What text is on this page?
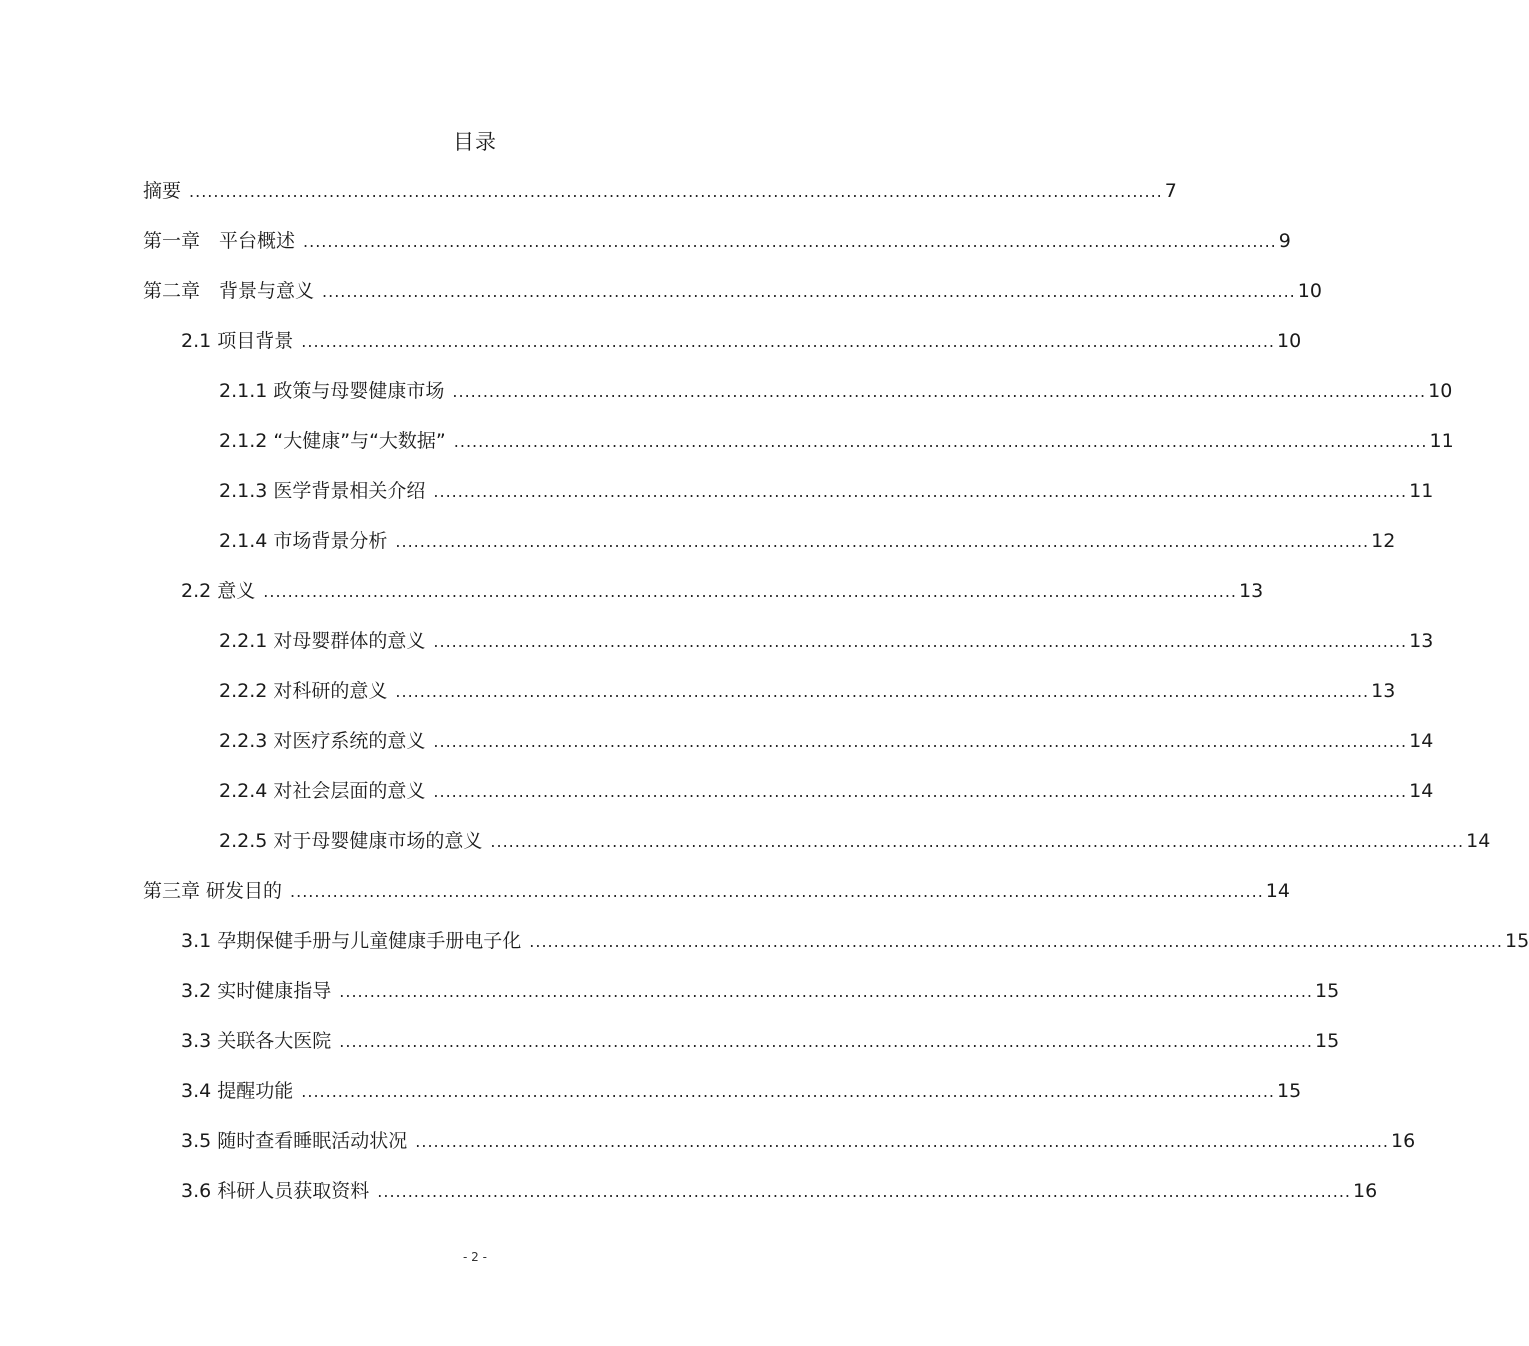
目录
摘要 ................................................................................................................................................................ 7
第一章　平台概述 ................................................................................................................................................................ 9
第二章　背景与意义 ................................................................................................................................................................ 10
2.1 项目背景 ................................................................................................................................................................ 10
2.1.1 政策与母婴健康市场 ................................................................................................................................................................ 10
2.1.2 “大健康”与“大数据” ................................................................................................................................................................ 11
2.1.3 医学背景相关介绍 ................................................................................................................................................................ 11
2.1.4 市场背景分析 ................................................................................................................................................................ 12
2.2 意义 ................................................................................................................................................................ 13
2.2.1 对母婴群体的意义 ................................................................................................................................................................ 13
2.2.2 对科研的意义 ................................................................................................................................................................ 13
2.2.3 对医疗系统的意义 ................................................................................................................................................................ 14
2.2.4 对社会层面的意义 ................................................................................................................................................................ 14
2.2.5 对于母婴健康市场的意义 ................................................................................................................................................................ 14
第三章 研发目的 ................................................................................................................................................................ 14
3.1 孕期保健手册与儿童健康手册电子化 ................................................................................................................................................................ 15
3.2 实时健康指导 ................................................................................................................................................................ 15
3.3 关联各大医院 ................................................................................................................................................................ 15
3.4 提醒功能 ................................................................................................................................................................ 15
3.5 随时查看睡眠活动状况 ................................................................................................................................................................ 16
3.6 科研人员获取资料 ................................................................................................................................................................ 16
- 2 -
